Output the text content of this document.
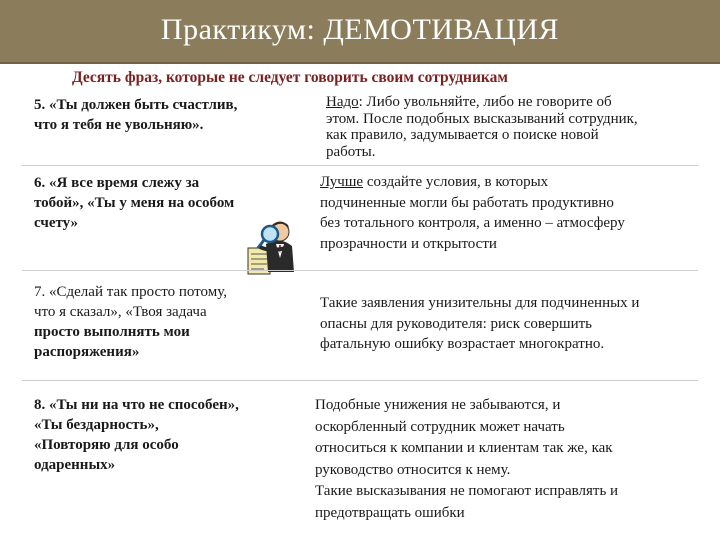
Практикум: ДЕМОТИВАЦИЯ
Десять фраз, которые не следует говорить своим сотрудникам
5. «Ты должен быть счастлив,
что я тебя не увольняю».
Надо: Либо увольняйте, либо не говорите об
этом. После подобных высказываний сотрудник,
как правило, задумывается о поиске новой
работы.
6. «Я все время слежу за
тобой», «Ты у меня на особом
счету»
Лучше создайте условия, в которых
подчиненные могли бы работать продуктивно
без тотального контроля, а именно – атмосферу
прозрачности и открытости
7. «Сделай так просто потому,
что я сказал», «Твоя задача
просто выполнять мои
распоряжения»
Такие заявления унизительны для подчиненных и
опасны для руководителя: риск совершить
фатальную ошибку возрастает многократно.
8. «Ты ни на что не способен»,
«Ты бездарность»,
«Повторяю для особо
одаренных»
Подобные унижения не забываются, и
оскорбленный сотрудник может начать
относиться к компании и клиентам так же, как
руководство относится к нему.
Такие высказывания не помогают исправлять и
предотвращать ошибки
